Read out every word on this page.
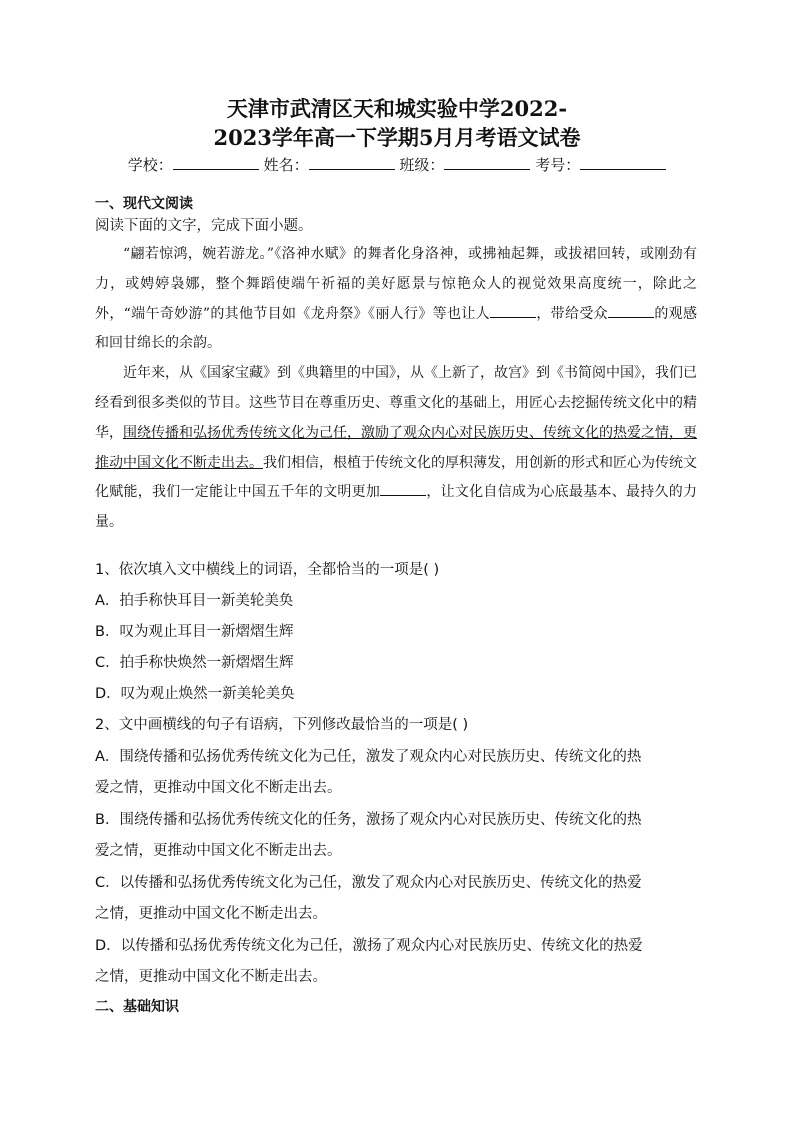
天津市武清区天和城实验中学2022-
2023学年高一下学期5月月考语文试卷
学校：	姓名：	班级：	考号：
一、现代文阅读
阅读下面的文字，完成下面小题。

“翩若惊鸿，婉若游龙。”《洛神水赋》的舞者化身洛神，或拂袖起舞，或拔裙回转，或刚劲有力，或娉婷袅娜，整个舞蹈使端午祈福的美好愿景与惊艳众人的视觉效果高度统一，除此之外，“端午奇妙游”的其他节目如《龙舟祭》《丽人行》等也让人	，带给受众	的观感和回甘绵长的余韵。

近年来，从《国家宝藏》到《典籍里的中国》，从《上新了，故宫》到《书简阅中国》，我们已经看到很多类似的节目。这些节目在尊重历史、尊重文化的基础上，用匠心去挖掘传统文化中的精华，围绕传播和弘扬优秀传统文化为己任，激励了观众内心对民族历史、传统文化的热爱之情，更推动中国文化不断走出去。我们相信，根植于传统文化的厚积薄发，用创新的形式和匠心为传统文化赋能，我们一定能让中国五千年的文明更加	，让文化自信成为心底最基本、最持久的力量。

1、依次填入文中横线上的词语，全都恰当的一项是( )
A．拍手称快耳目一新美轮美奂
B．叹为观止耳目一新熠熠生辉
C．拍手称快焕然一新熠熠生辉
D．叹为观止焕然一新美轮美奂
2、文中画横线的句子有语病，下列修改最恰当的一项是( )
A．围绕传播和弘扬优秀传统文化为己任，激发了观众内心对民族历史、传统文化的热
爱之情，更推动中国文化不断走出去。
B．围绕传播和弘扬优秀传统文化的任务，激扬了观众内心对民族历史、传统文化的热
爱之情，更推动中国文化不断走出去。
C．以传播和弘扬优秀传统文化为己任，激发了观众内心对民族历史、传统文化的热爱
之情，更推动中国文化不断走出去。
D．以传播和弘扬优秀传统文化为己任，激扬了观众内心对民族历史、传统文化的热爱
之情，更推动中国文化不断走出去。
二、基础知识
